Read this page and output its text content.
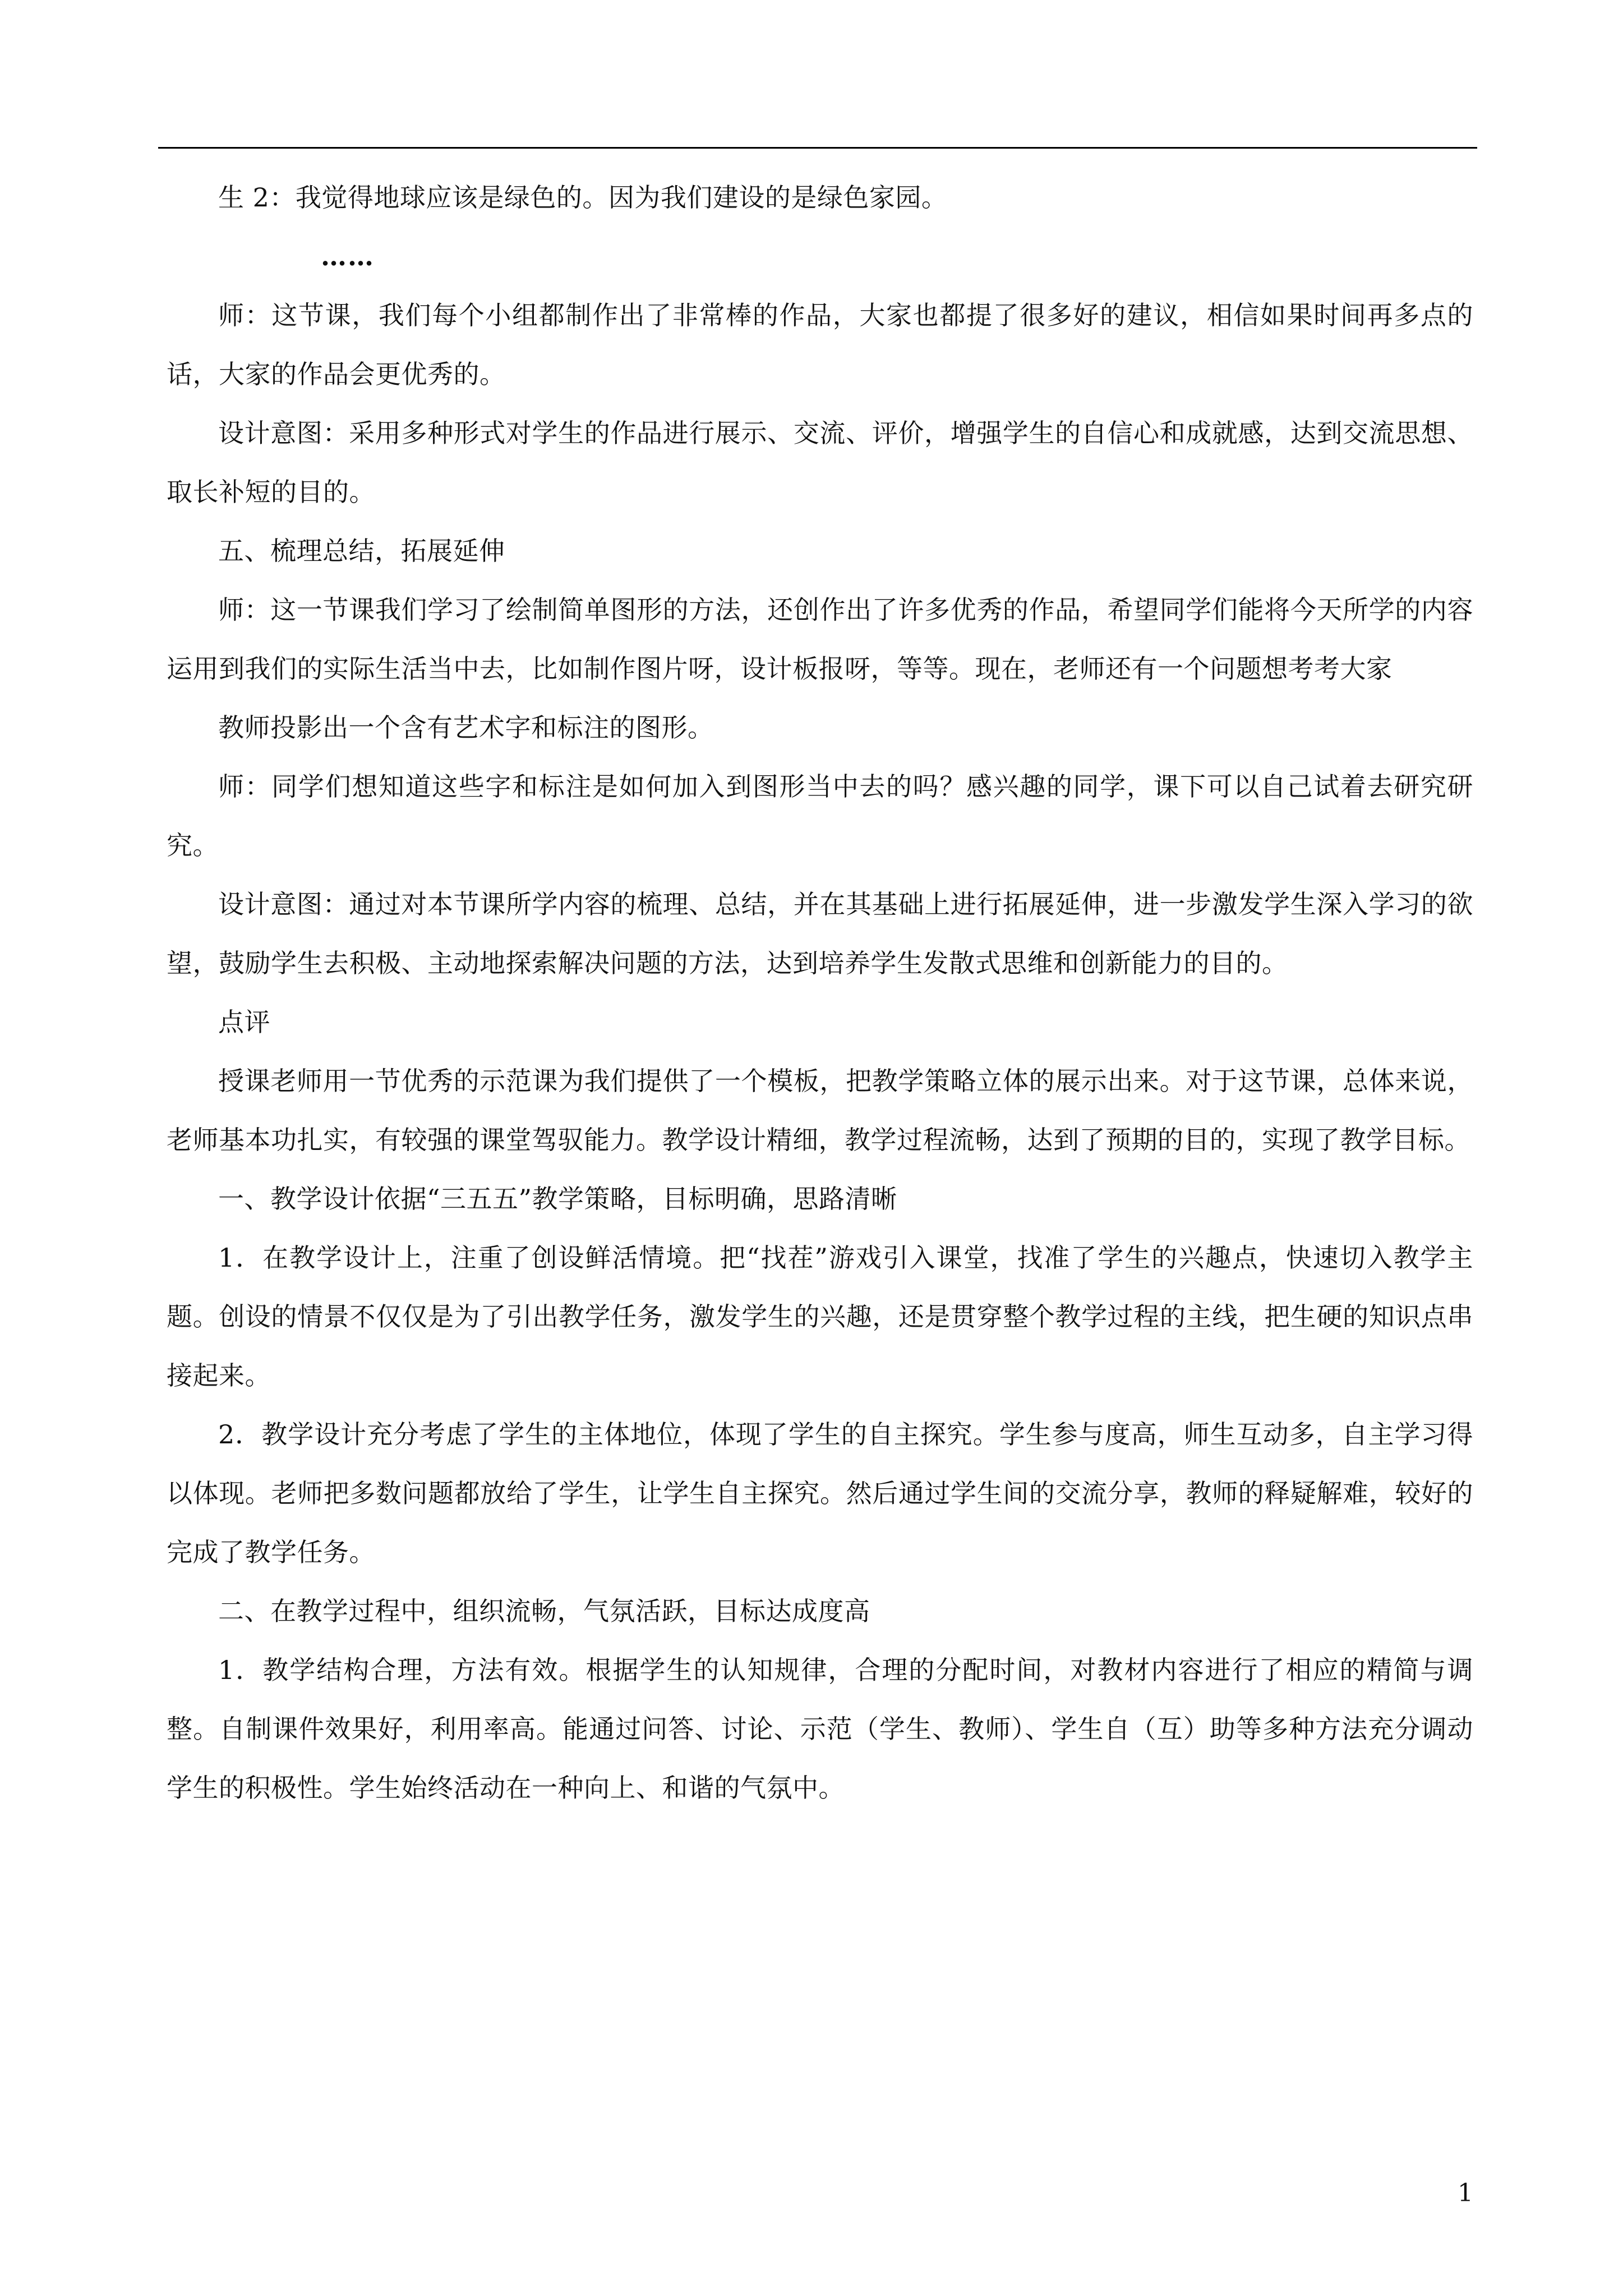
生 2：我觉得地球应该是绿色的。因为我们建设的是绿色家园。

……

师：这节课，我们每个小组都制作出了非常棒的作品，大家也都提了很多好的建议，相信如果时间再多点的话，大家的作品会更优秀的。

设计意图：采用多种形式对学生的作品进行展示、交流、评价，增强学生的自信心和成就感，达到交流思想、取长补短的目的。

五、梳理总结，拓展延伸

师：这一节课我们学习了绘制简单图形的方法，还创作出了许多优秀的作品，希望同学们能将今天所学的内容运用到我们的实际生活当中去，比如制作图片呀，设计板报呀，等等。现在，老师还有一个问题想考考大家

教师投影出一个含有艺术字和标注的图形。

师：同学们想知道这些字和标注是如何加入到图形当中去的吗？感兴趣的同学，课下可以自己试着去研究研究。

设计意图：通过对本节课所学内容的梳理、总结，并在其基础上进行拓展延伸，进一步激发学生深入学习的欲望，鼓励学生去积极、主动地探索解决问题的方法，达到培养学生发散式思维和创新能力的目的。

点评

授课老师用一节优秀的示范课为我们提供了一个模板，把教学策略立体的展示出来。对于这节课，总体来说，老师基本功扎实，有较强的课堂驾驭能力。教学设计精细，教学过程流畅，达到了预期的目的，实现了教学目标。

一、教学设计依据“三五五”教学策略，目标明确，思路清晰

1．在教学设计上，注重了创设鲜活情境。把“找茬”游戏引入课堂，找准了学生的兴趣点，快速切入教学主题。创设的情景不仅仅是为了引出教学任务，激发学生的兴趣，还是贯穿整个教学过程的主线，把生硬的知识点串接起来。

2．教学设计充分考虑了学生的主体地位，体现了学生的自主探究。学生参与度高，师生互动多，自主学习得以体现。老师把多数问题都放给了学生，让学生自主探究。然后通过学生间的交流分享，教师的释疑解难，较好的完成了教学任务。

二、在教学过程中，组织流畅，气氛活跃，目标达成度高

1．教学结构合理，方法有效。根据学生的认知规律，合理的分配时间，对教材内容进行了相应的精简与调整。自制课件效果好，利用率高。能通过问答、讨论、示范（学生、教师）、学生自（互）助等多种方法充分调动学生的积极性。学生始终活动在一种向上、和谐的气氛中。

1
